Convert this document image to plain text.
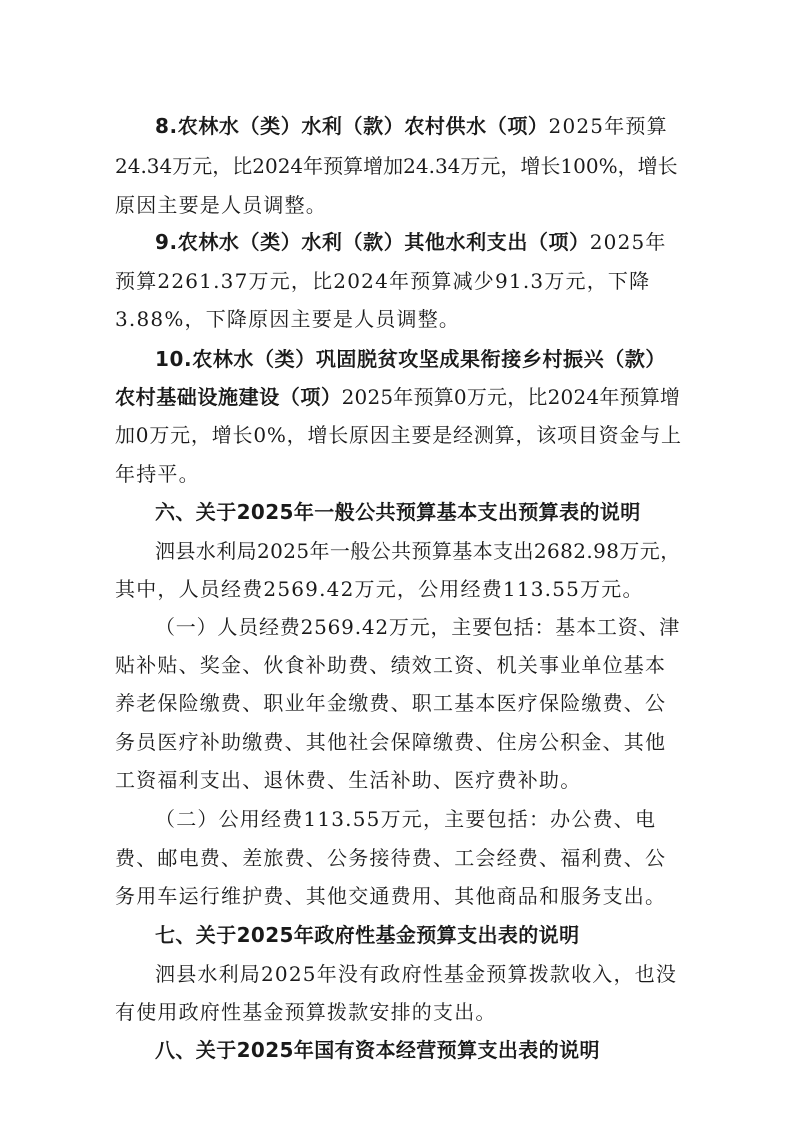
8.农林水（类）水利（款）农村供水（项）2025年预算
24.34万元，比2024年预算增加24.34万元，增长100%，增长
原因主要是人员调整。
9.农林水（类）水利（款）其他水利支出（项）2025年
预算2261.37万元，比2024年预算减少91.3万元，下降
3.88%，下降原因主要是人员调整。
10.农林水（类）巩固脱贫攻坚成果衔接乡村振兴（款）
农村基础设施建设（项）2025年预算0万元，比2024年预算增
加0万元，增长0%，增长原因主要是经测算，该项目资金与上
年持平。
六、关于2025年一般公共预算基本支出预算表的说明
泗县水利局2025年一般公共预算基本支出2682.98万元，
其中，人员经费2569.42万元，公用经费113.55万元。
（一）人员经费2569.42万元，主要包括：基本工资、津
贴补贴、奖金、伙食补助费、绩效工资、机关事业单位基本
养老保险缴费、职业年金缴费、职工基本医疗保险缴费、公
务员医疗补助缴费、其他社会保障缴费、住房公积金、其他
工资福利支出、退休费、生活补助、医疗费补助。
（二）公用经费113.55万元，主要包括：办公费、电
费、邮电费、差旅费、公务接待费、工会经费、福利费、公
务用车运行维护费、其他交通费用、其他商品和服务支出。
七、关于2025年政府性基金预算支出表的说明
泗县水利局2025年没有政府性基金预算拨款收入，也没
有使用政府性基金预算拨款安排的支出。
八、关于2025年国有资本经营预算支出表的说明
